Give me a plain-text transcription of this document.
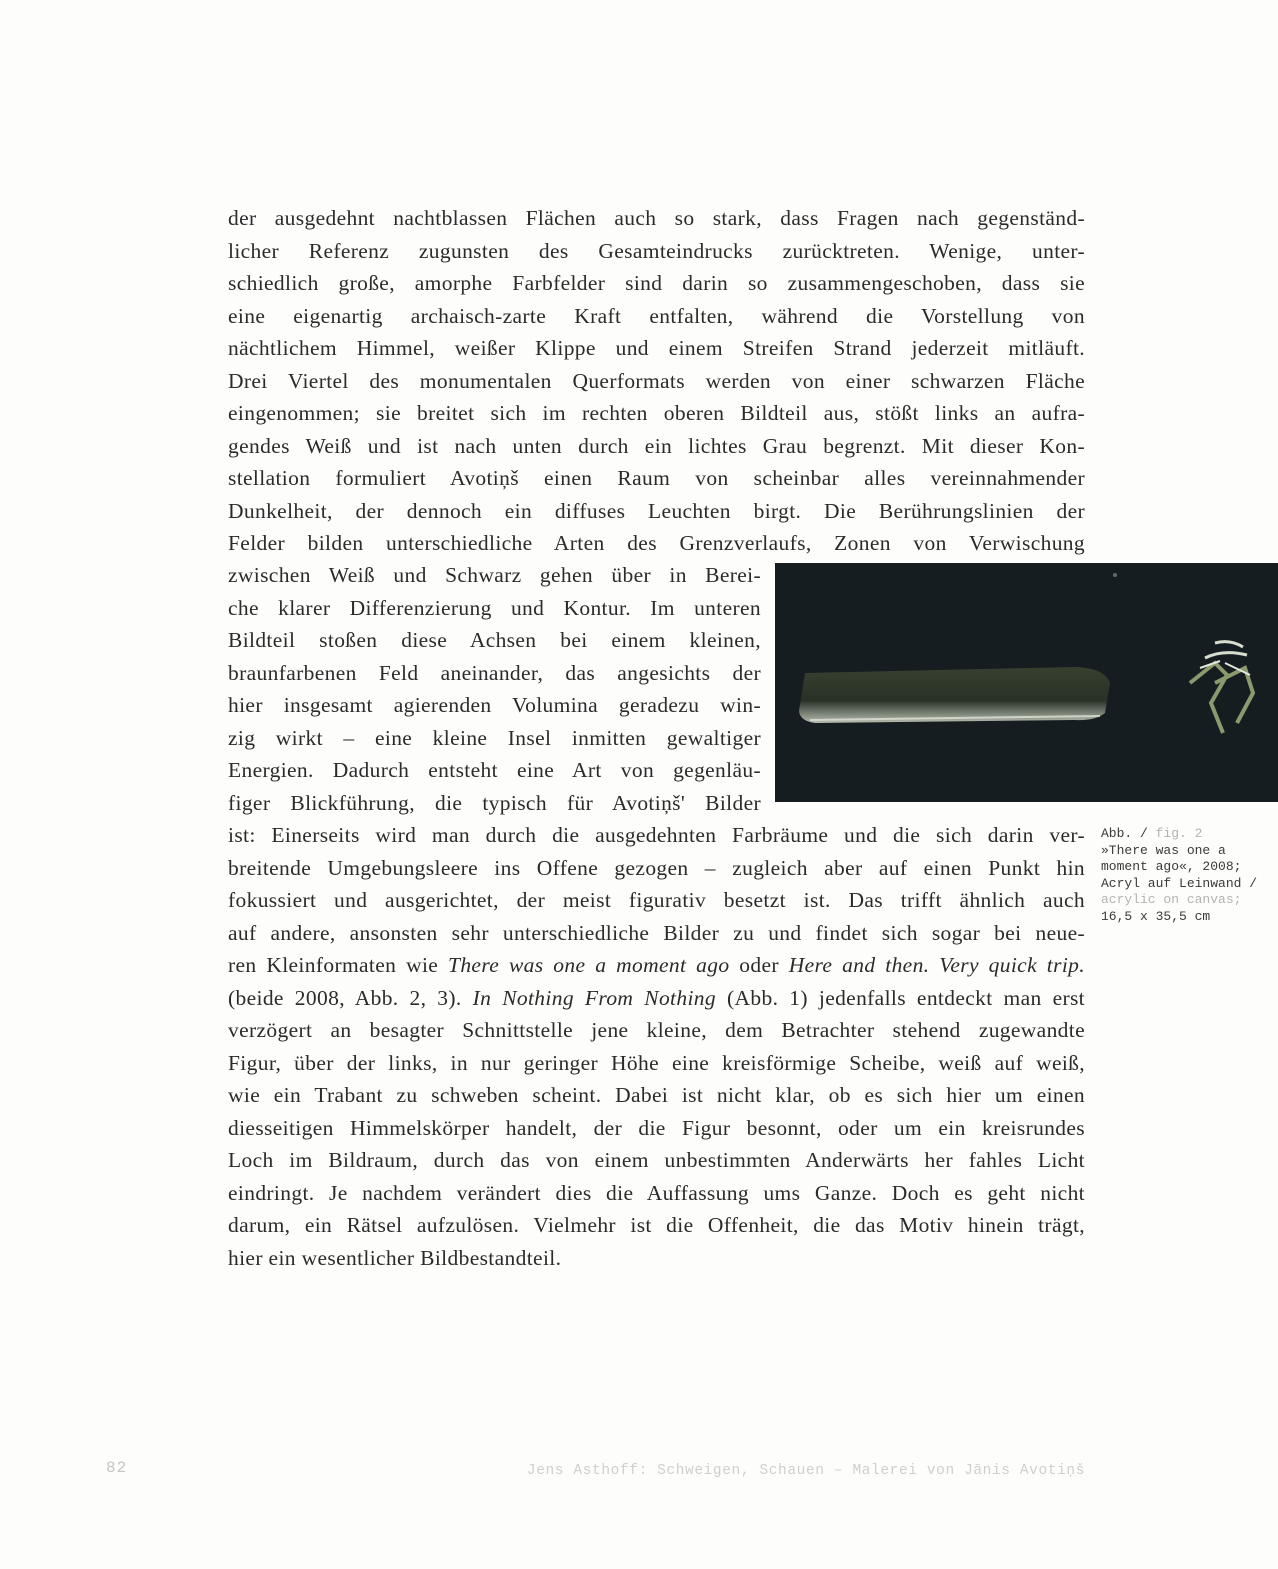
der ausgedehnt nachtblassen Flächen auch so stark, dass Fragen nach gegenständ-
licher Referenz zugunsten des Gesamteindrucks zurücktreten. Wenige, unter-
schiedlich große, amorphe Farbfelder sind darin so zusammengeschoben, dass sie
eine eigenartig archaisch-zarte Kraft entfalten, während die Vorstellung von
nächtlichem Himmel, weißer Klippe und einem Streifen Strand jederzeit mitläuft.
Drei Viertel des monumentalen Querformats werden von einer schwarzen Fläche
eingenommen; sie breitet sich im rechten oberen Bildteil aus, stößt links an aufra-
gendes Weiß und ist nach unten durch ein lichtes Grau begrenzt. Mit dieser Kon-
stellation formuliert Avotiņš einen Raum von scheinbar alles vereinnahmender
Dunkelheit, der dennoch ein diffuses Leuchten birgt. Die Berührungslinien der
Felder bilden unterschiedliche Arten des Grenzverlaufs, Zonen von Verwischung
zwischen Weiß und Schwarz gehen über in Berei-
che klarer Differenzierung und Kontur. Im unteren
Bildteil stoßen diese Achsen bei einem kleinen,
braunfarbenen Feld aneinander, das angesichts der
hier insgesamt agierenden Volumina geradezu win-
zig wirkt – eine kleine Insel inmitten gewaltiger
Energien. Dadurch entsteht eine Art von gegenläu-
figer Blickführung, die typisch für Avotiņš' Bilder
Abb. / fig. 2
»There was one a
moment ago«, 2008;
Acryl auf Leinwand /
acrylic on canvas;
16,5 x 35,5 cm
ist: Einerseits wird man durch die ausgedehnten Farbräume und die sich darin ver-
breitende Umgebungsleere ins Offene gezogen – zugleich aber auf einen Punkt hin
fokussiert und ausgerichtet, der meist figurativ besetzt ist. Das trifft ähnlich auch
auf andere, ansonsten sehr unterschiedliche Bilder zu und findet sich sogar bei neue-
ren Kleinformaten wie There was one a moment ago oder Here and then. Very quick trip.
(beide 2008, Abb. 2, 3). In Nothing From Nothing (Abb. 1) jedenfalls entdeckt man erst
verzögert an besagter Schnittstelle jene kleine, dem Betrachter stehend zugewandte
Figur, über der links, in nur geringer Höhe eine kreisförmige Scheibe, weiß auf weiß,
wie ein Trabant zu schweben scheint. Dabei ist nicht klar, ob es sich hier um einen
diesseitigen Himmelskörper handelt, der die Figur besonnt, oder um ein kreisrundes
Loch im Bildraum, durch das von einem unbestimmten Anderwärts her fahles Licht
eindringt. Je nachdem verändert dies die Auffassung ums Ganze. Doch es geht nicht
darum, ein Rätsel aufzulösen. Vielmehr ist die Offenheit, die das Motiv hinein trägt,
hier ein wesentlicher Bildbestandteil.
82	Jens Asthoff: Schweigen, Schauen – Malerei von Jānis Avotiņš
